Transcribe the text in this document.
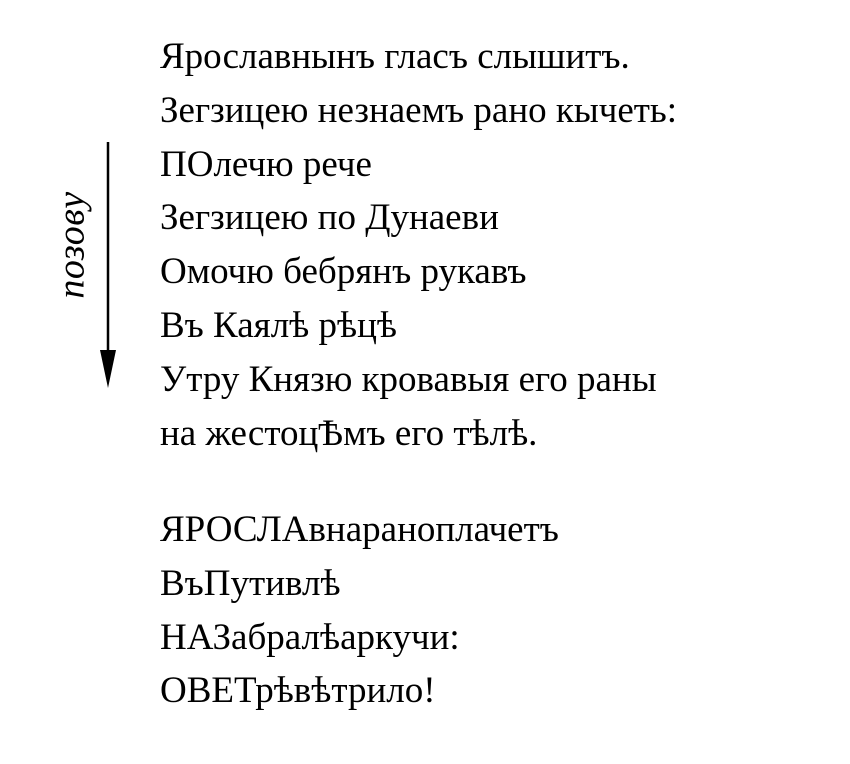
позову
Ярославнынъ гласъ слышитъ.
Зегзицею незнаемъ рано кычеть:
ПОлечю рече
Зегзицею по Дунаеви
Омочю бебрянъ рукавъ
Въ Каялѣ рѣцѣ
Утру Князю кровавыя его раны
на жестоцѢмъ его тѣлѣ.
ЯРОСЛАвнараноплачетъ
ВъПутивлѣ
НАЗабралѣаркучи:
ОВЕТрѣвѣтрило!
